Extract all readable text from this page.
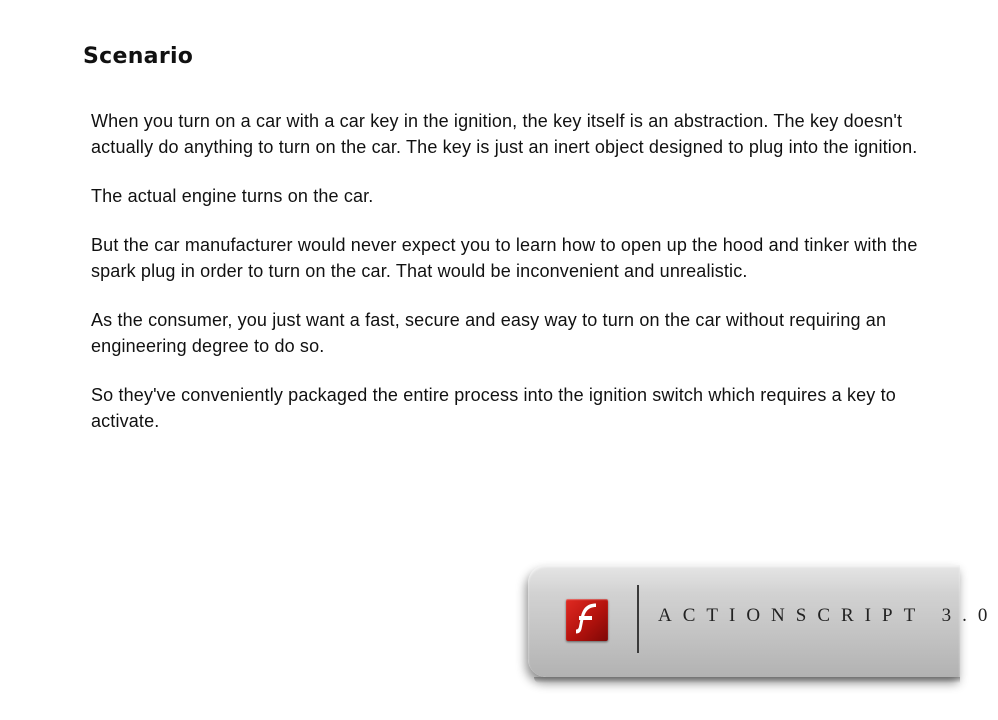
Scenario

When you turn on a car with a car key in the ignition, the key itself is an abstraction. The key doesn't actually do anything to turn on the car. The key is just an inert object designed to plug into the ignition.

The actual engine turns on the car.

But the car manufacturer would never expect you to learn how to open up the hood and tinker with the spark plug in order to turn on the car. That would be inconvenient and unrealistic.

As the consumer, you just want a fast, secure and easy way to turn on the car without requiring an engineering degree to do so.

So they've conveniently packaged the entire process into the ignition switch which requires a key to activate.

ACTIONSCRIPT 3.0
